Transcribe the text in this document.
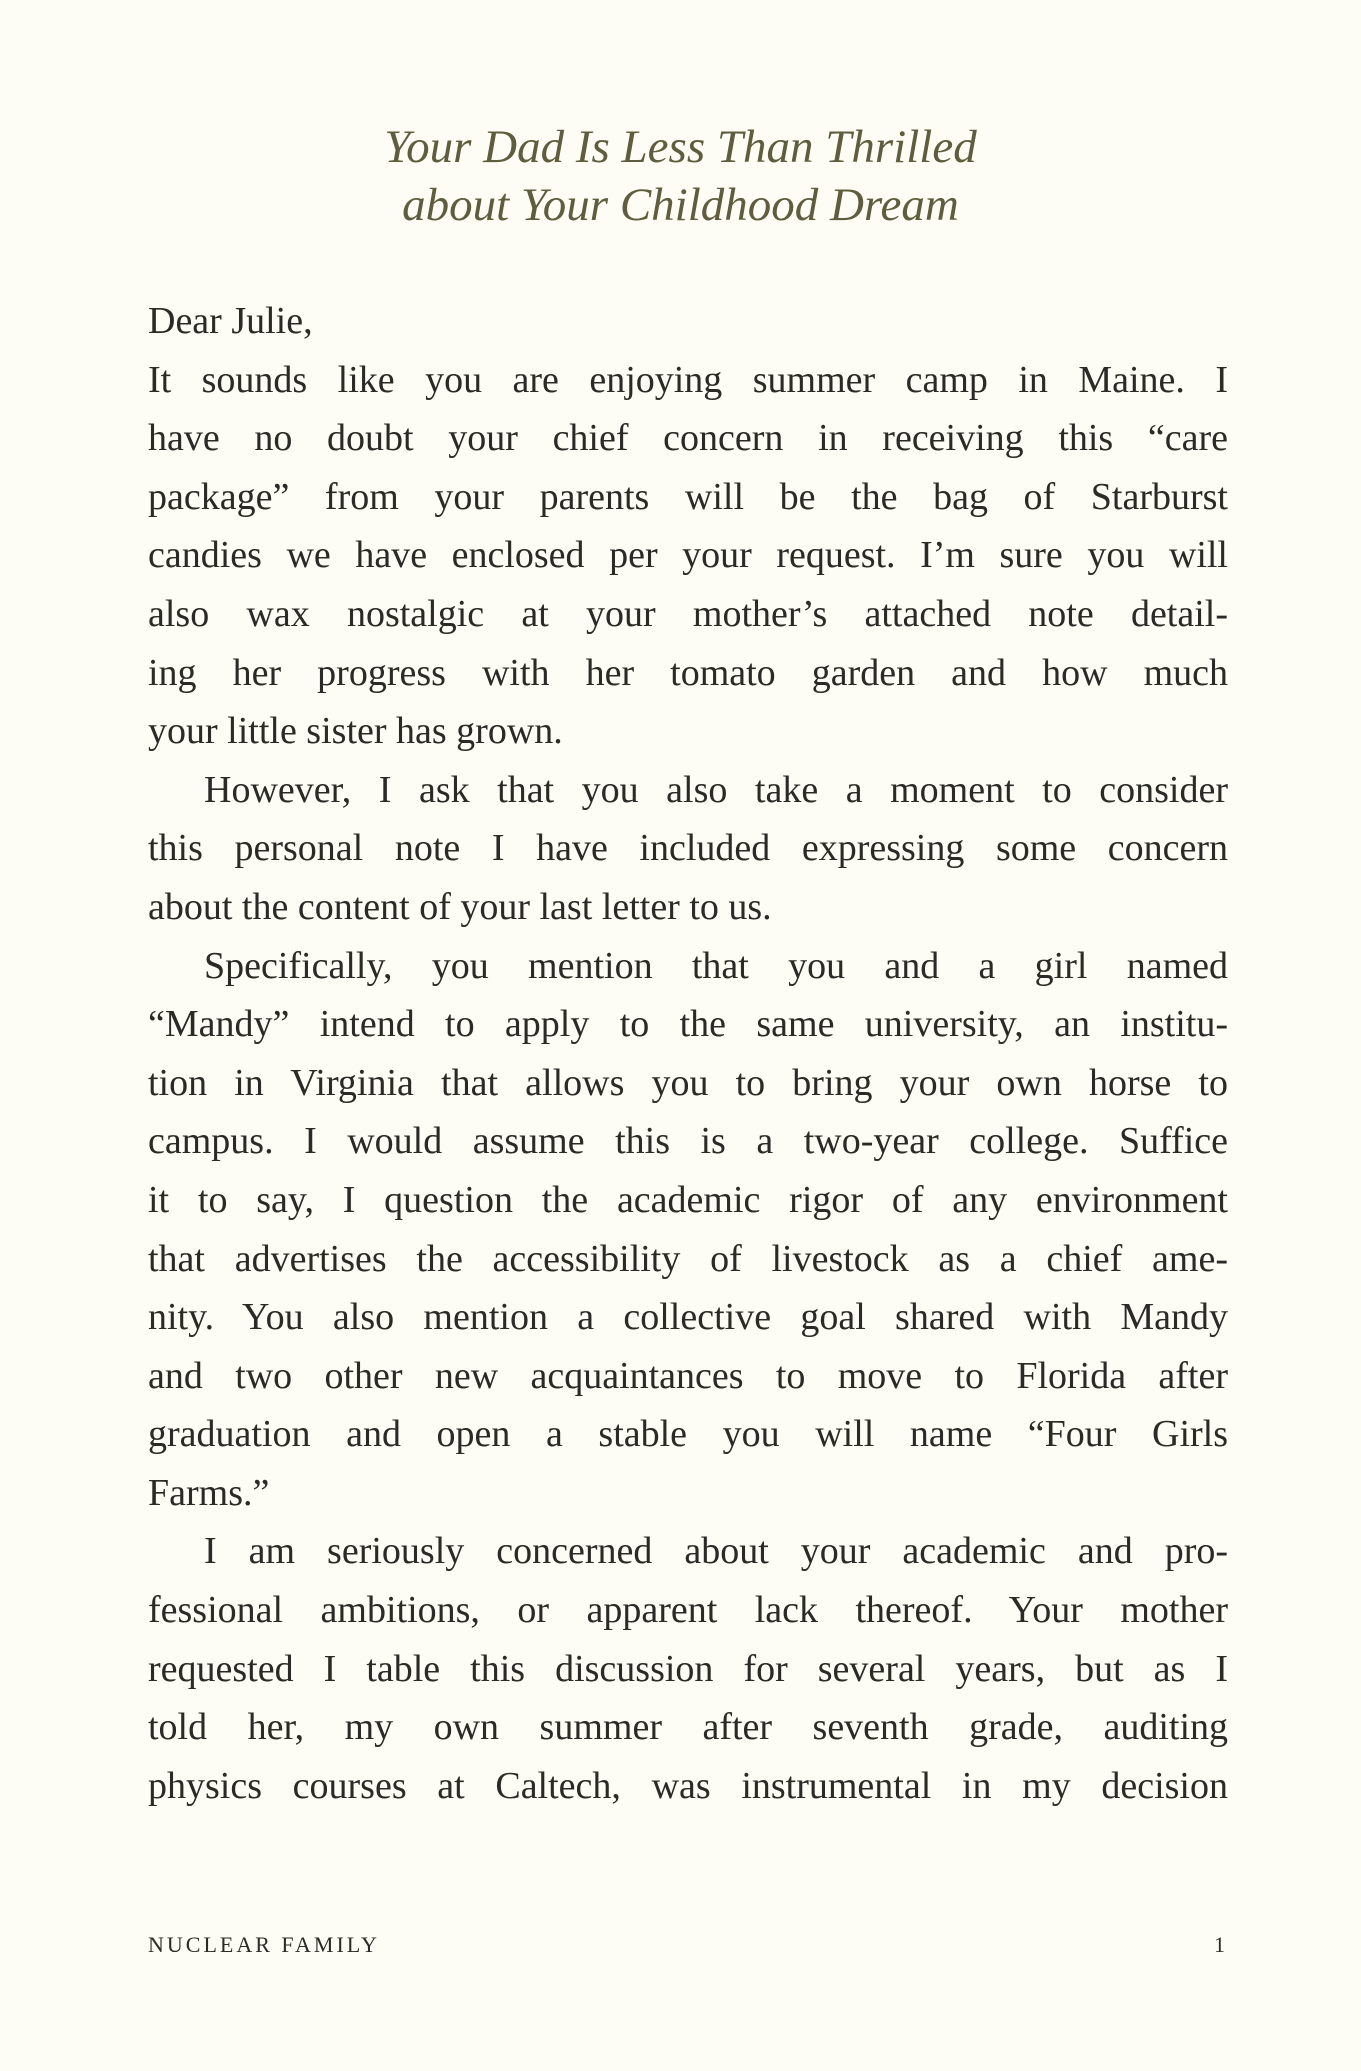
Your Dad Is Less Than Thrilled
about Your Childhood Dream
Dear Julie,
It sounds like you are enjoying summer camp in Maine. I
have no doubt your chief concern in receiving this “care
package” from your parents will be the bag of Starburst
candies we have enclosed per your request. I’m sure you will
also wax nostalgic at your mother’s attached note detail-
ing her progress with her tomato garden and how much
your little sister has grown.
However, I ask that you also take a moment to consider
this personal note I have included expressing some concern
about the content of your last letter to us.
Specifically, you mention that you and a girl named
“Mandy” intend to apply to the same university, an institu-
tion in Virginia that allows you to bring your own horse to
campus. I would assume this is a two-year college. Suffice
it to say, I question the academic rigor of any environment
that advertises the accessibility of livestock as a chief ame-
nity. You also mention a collective goal shared with Mandy
and two other new acquaintances to move to Florida after
graduation and open a stable you will name “Four Girls
Farms.”
I am seriously concerned about your academic and pro-
fessional ambitions, or apparent lack thereof. Your mother
requested I table this discussion for several years, but as I
told her, my own summer after seventh grade, auditing
physics courses at Caltech, was instrumental in my decision
NUCLEAR FAMILY	1
